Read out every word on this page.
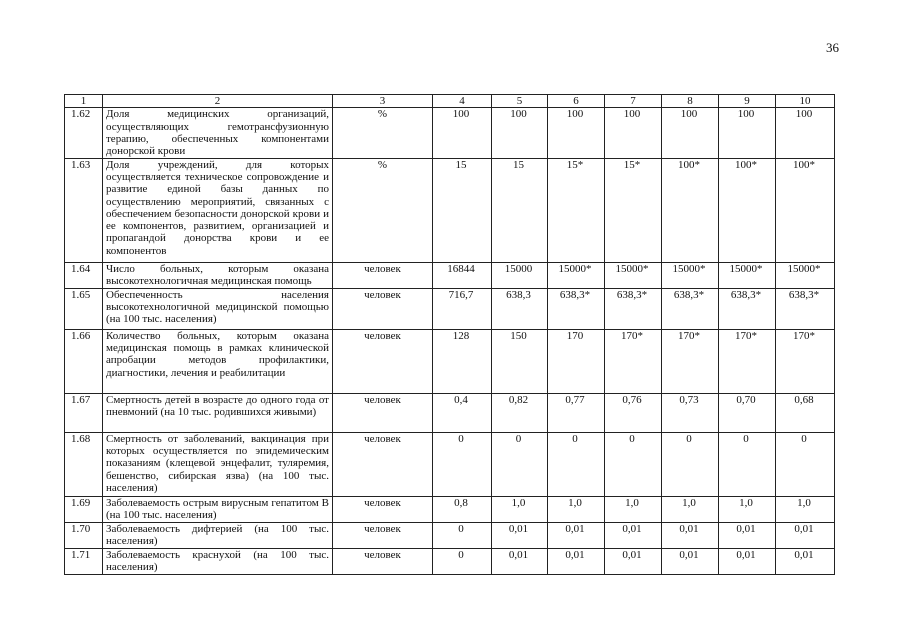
36
1	2	3	4	5	6	7	8	9	10
1.62	Доля медицинских организаций, осуществляющих гемотрансфузионную терапию, обеспеченных компонентами донорской крови	%	100	100	100	100	100	100	100
1.63	Доля учреждений, для которых осуществляется техническое сопровождение и развитие единой базы данных по осуществлению мероприятий, связанных с обеспечением безопасности донорской крови и ее компонентов, развитием, организацией и пропагандой донорства крови и ее компонентов	%	15	15	15*	15*	100*	100*	100*
1.64	Число больных, которым оказана высокотехнологичная медицинская помощь	человек	16844	15000	15000*	15000*	15000*	15000*	15000*
1.65	Обеспеченность населения высокотехнологичной медицинской помощью (на 100 тыс. населения)	человек	716,7	638,3	638,3*	638,3*	638,3*	638,3*	638,3*
1.66	Количество больных, которым оказана медицинская помощь в рамках клинической апробации методов профилактики, диагностики, лечения и реабилитации	человек	128	150	170	170*	170*	170*	170*
1.67	Смертность детей в возрасте до одного года от пневмоний (на 10 тыс. родившихся живыми)	человек	0,4	0,82	0,77	0,76	0,73	0,70	0,68
1.68	Смертность от заболеваний, вакцинация при которых осуществляется по эпидемическим показаниям (клещевой энцефалит, туляремия, бешенство, сибирская язва) (на 100 тыс. населения)	человек	0	0	0	0	0	0	0
1.69	Заболеваемость острым вирусным гепатитом В (на 100 тыс. населения)	человек	0,8	1,0	1,0	1,0	1,0	1,0	1,0
1.70	Заболеваемость дифтерией (на 100 тыс. населения)	человек	0	0,01	0,01	0,01	0,01	0,01	0,01
1.71	Заболеваемость краснухой (на 100 тыс. населения)	человек	0	0,01	0,01	0,01	0,01	0,01	0,01
